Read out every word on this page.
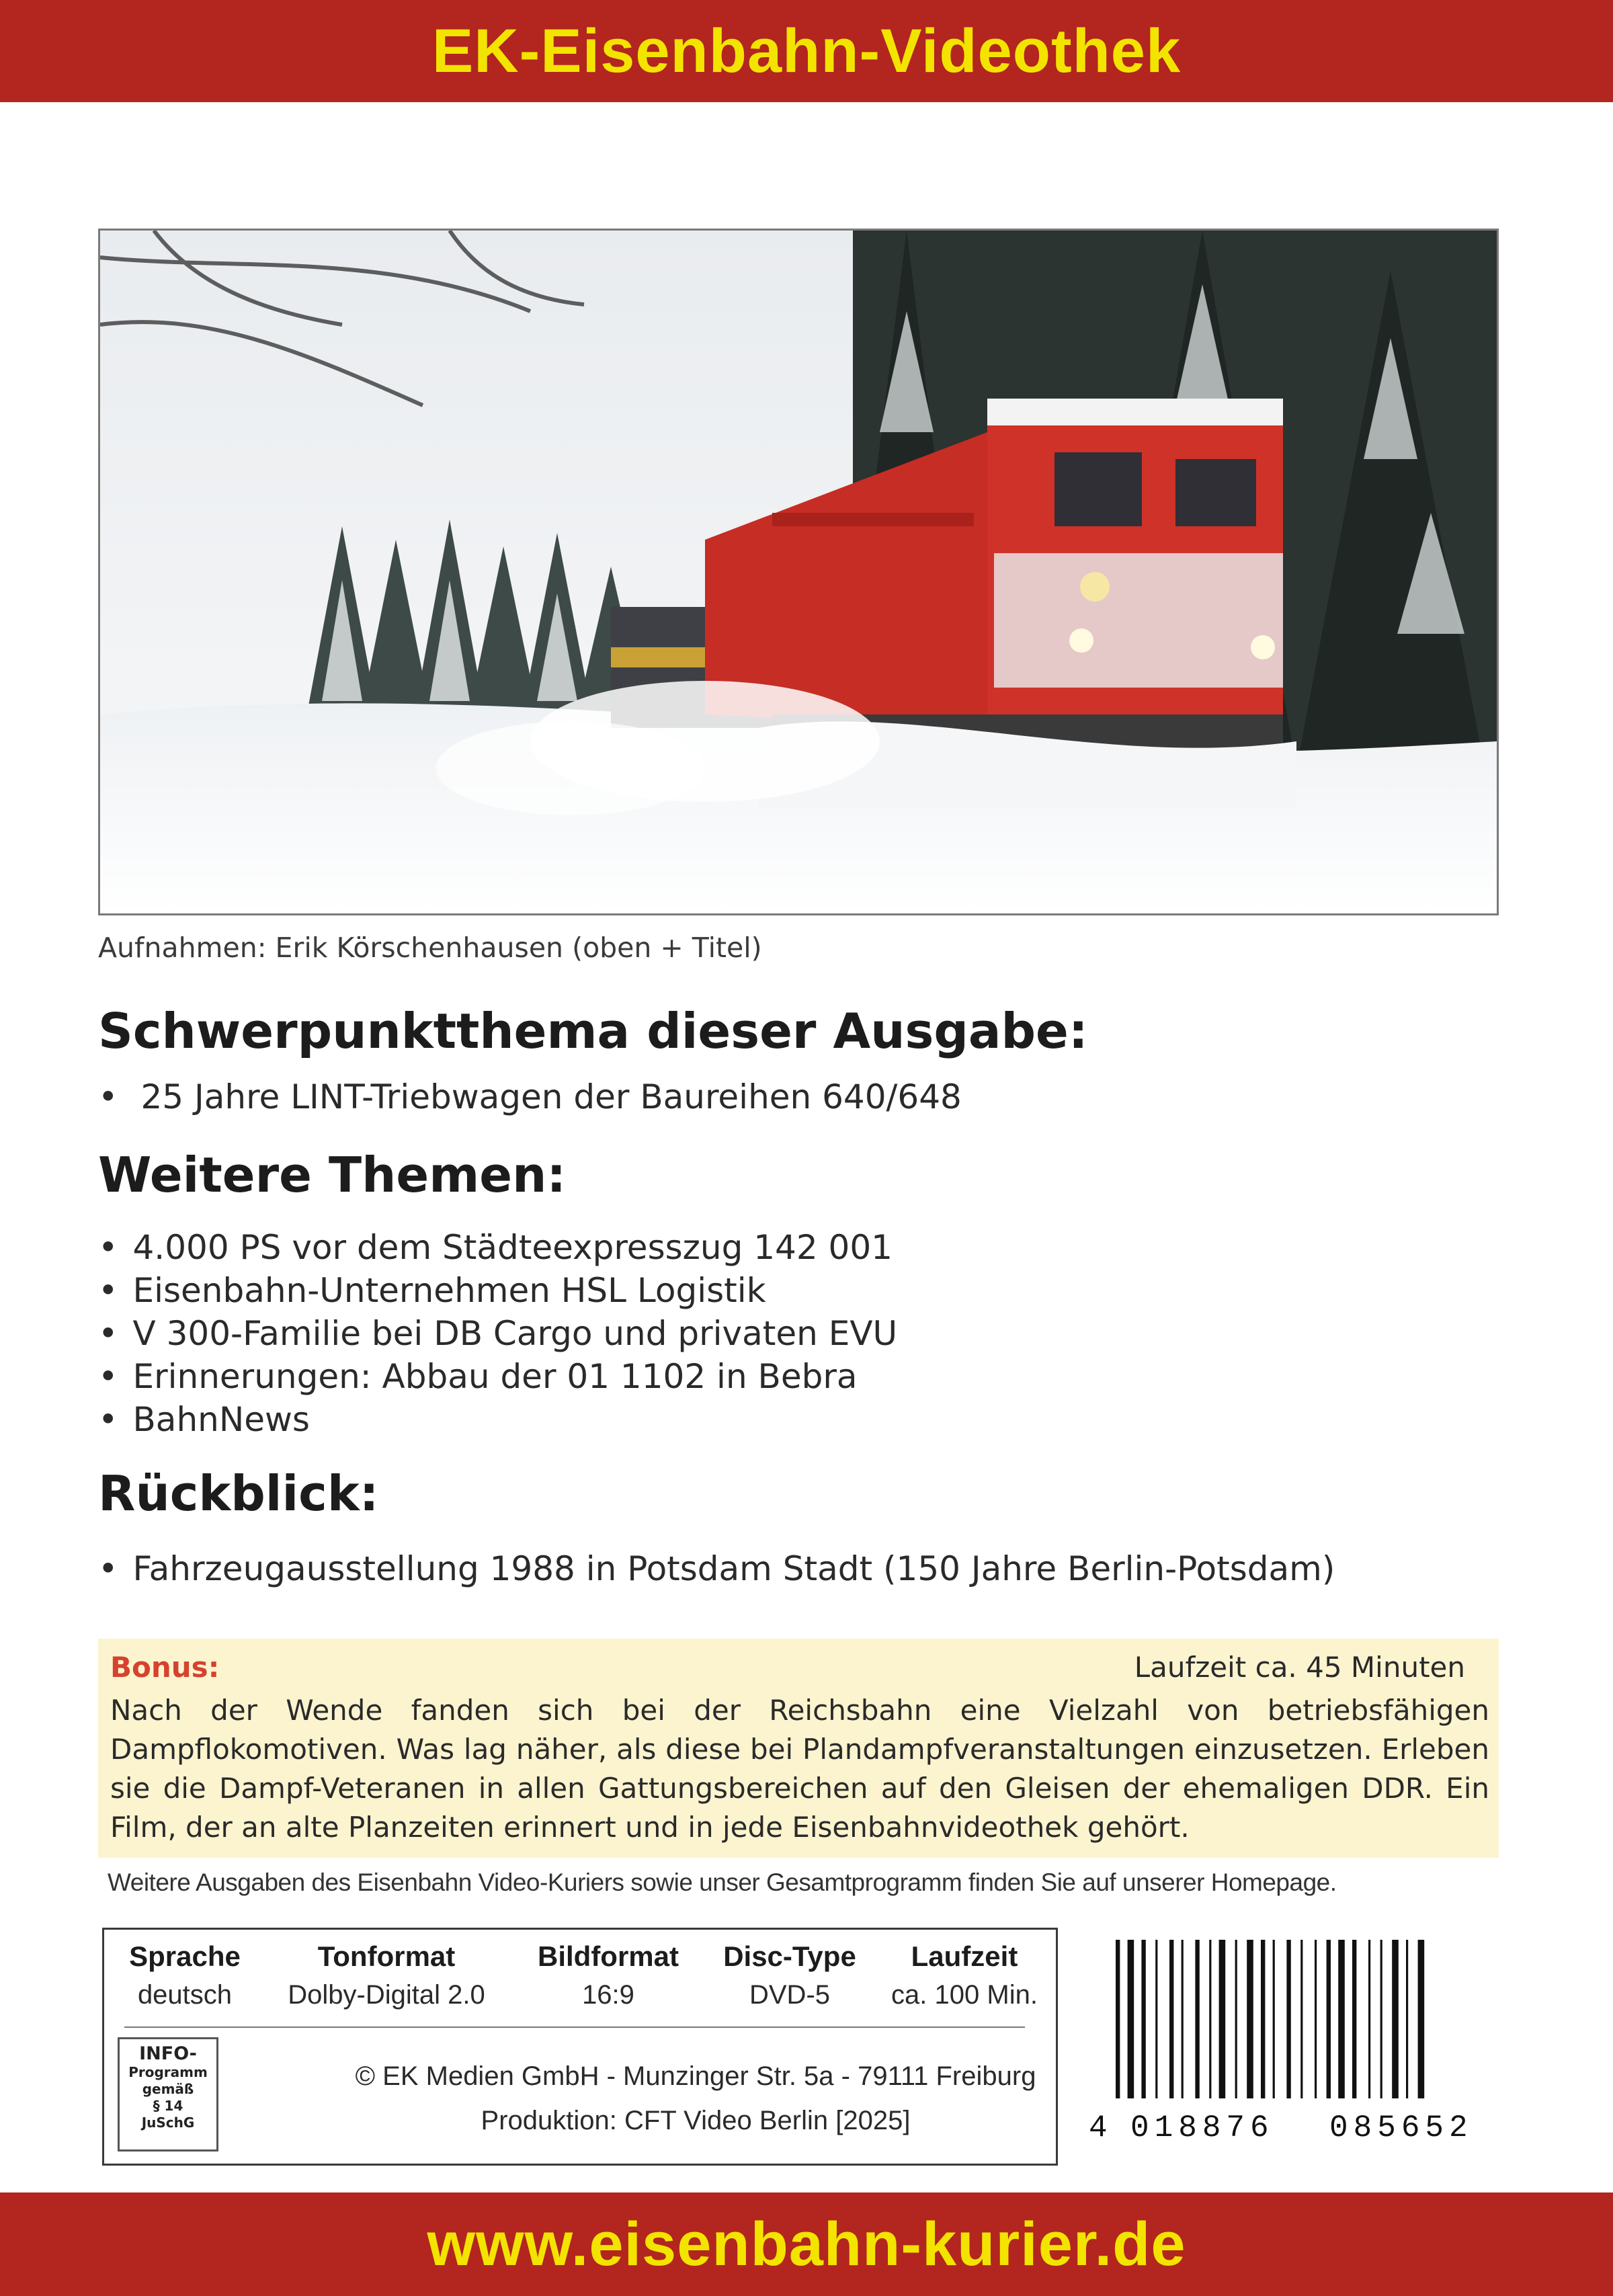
EK-Eisenbahn-Videothek
Aufnahmen: Erik Körschenhausen (oben + Titel)
Schwerpunktthema dieser Ausgabe:
• 25 Jahre LINT-Triebwagen der Baureihen 640/648
Weitere Themen:
• 4.000 PS vor dem Städteexpresszug 142 001
• Eisenbahn-Unternehmen HSL Logistik
• V 300-Familie bei DB Cargo und privaten EVU
• Erinnerungen: Abbau der 01 1102 in Bebra
• BahnNews
Rückblick:
• Fahrzeugausstellung 1988 in Potsdam Stadt (150 Jahre Berlin-Potsdam)
Bonus:	Laufzeit ca. 45 Minuten
Nach der Wende fanden sich bei der Reichsbahn eine Vielzahl von betriebsfähigen Dampflokomotiven. Was lag näher, als diese bei Plandampfveranstaltungen einzusetzen. Erleben sie die Dampf-Veteranen in allen Gattungsbereichen auf den Gleisen der ehemaligen DDR. Ein Film, der an alte Planzeiten erinnert und in jede Eisenbahnvideothek gehört.
Weitere Ausgaben des Eisenbahn Video-Kuriers sowie unser Gesamtprogramm finden Sie auf unserer Homepage.
Sprache
deutsch
Tonformat
Dolby-Digital 2.0
Bildformat
16:9
Disc-Type
DVD-5
Laufzeit
ca. 100 Min.
INFO-
Programm
gemäß
§ 14
JuSchG
© EK Medien GmbH - Munzinger Str. 5a - 79111 Freiburg
Produktion: CFT Video Berlin [2025]	4 018876 085652
www.eisenbahn-kurier.de
